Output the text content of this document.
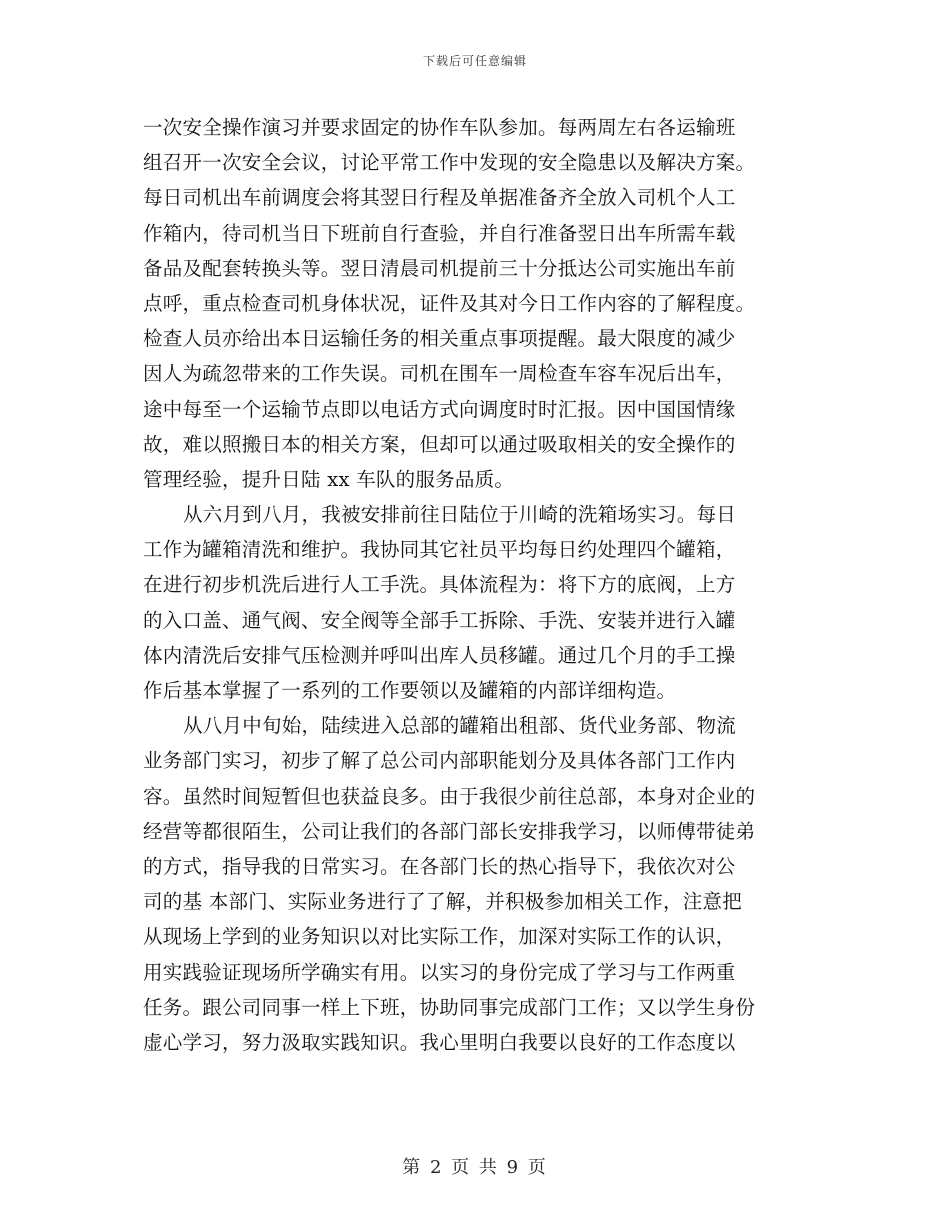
下载后可任意编辑
一次安全操作演习并要求固定的协作车队参加。每两周左右各运输班
组召开一次安全会议，讨论平常工作中发现的安全隐患以及解决方案。
每日司机出车前调度会将其翌日行程及单据准备齐全放入司机个人工
作箱内，待司机当日下班前自行查验，并自行准备翌日出车所需车载
备品及配套转换头等。翌日清晨司机提前三十分抵达公司实施出车前
点呼，重点检查司机身体状况，证件及其对今日工作内容的了解程度。
检查人员亦给出本日运输任务的相关重点事项提醒。最大限度的减少
因人为疏忽带来的工作失误。司机在围车一周检查车容车况后出车，
途中每至一个运输节点即以电话方式向调度时时汇报。因中国国情缘
故，难以照搬日本的相关方案，但却可以通过吸取相关的安全操作的
管理经验，提升日陆 xx 车队的服务品质。
从六月到八月，我被安排前往日陆位于川崎的洗箱场实习。每日
工作为罐箱清洗和维护。我协同其它社员平均每日约处理四个罐箱，
在进行初步机洗后进行人工手洗。具体流程为：将下方的底阀，上方
的入口盖、通气阀、安全阀等全部手工拆除、手洗、安装并进行入罐
体内清洗后安排气压检测并呼叫出库人员移罐。通过几个月的手工操
作后基本掌握了一系列的工作要领以及罐箱的内部详细构造。
从八月中旬始，陆续进入总部的罐箱出租部、货代业务部、物流
业务部门实习，初步了解了总公司内部职能划分及具体各部门工作内
容。虽然时间短暂但也获益良多。由于我很少前往总部，本身对企业的
经营等都很陌生，公司让我们的各部门部长安排我学习，以师傅带徒弟
的方式，指导我的日常实习。在各部门长的热心指导下，我依次对公
司的基 本部门、实际业务进行了了解，并积极参加相关工作，注意把
从现场上学到的业务知识以对比实际工作，加深对实际工作的认识，
用实践验证现场所学确实有用。以实习的身份完成了学习与工作两重
任务。跟公司同事一样上下班，协助同事完成部门工作；又以学生身份
虚心学习，努力汲取实践知识。我心里明白我要以良好的工作态度以
第 2 页 共 9 页
